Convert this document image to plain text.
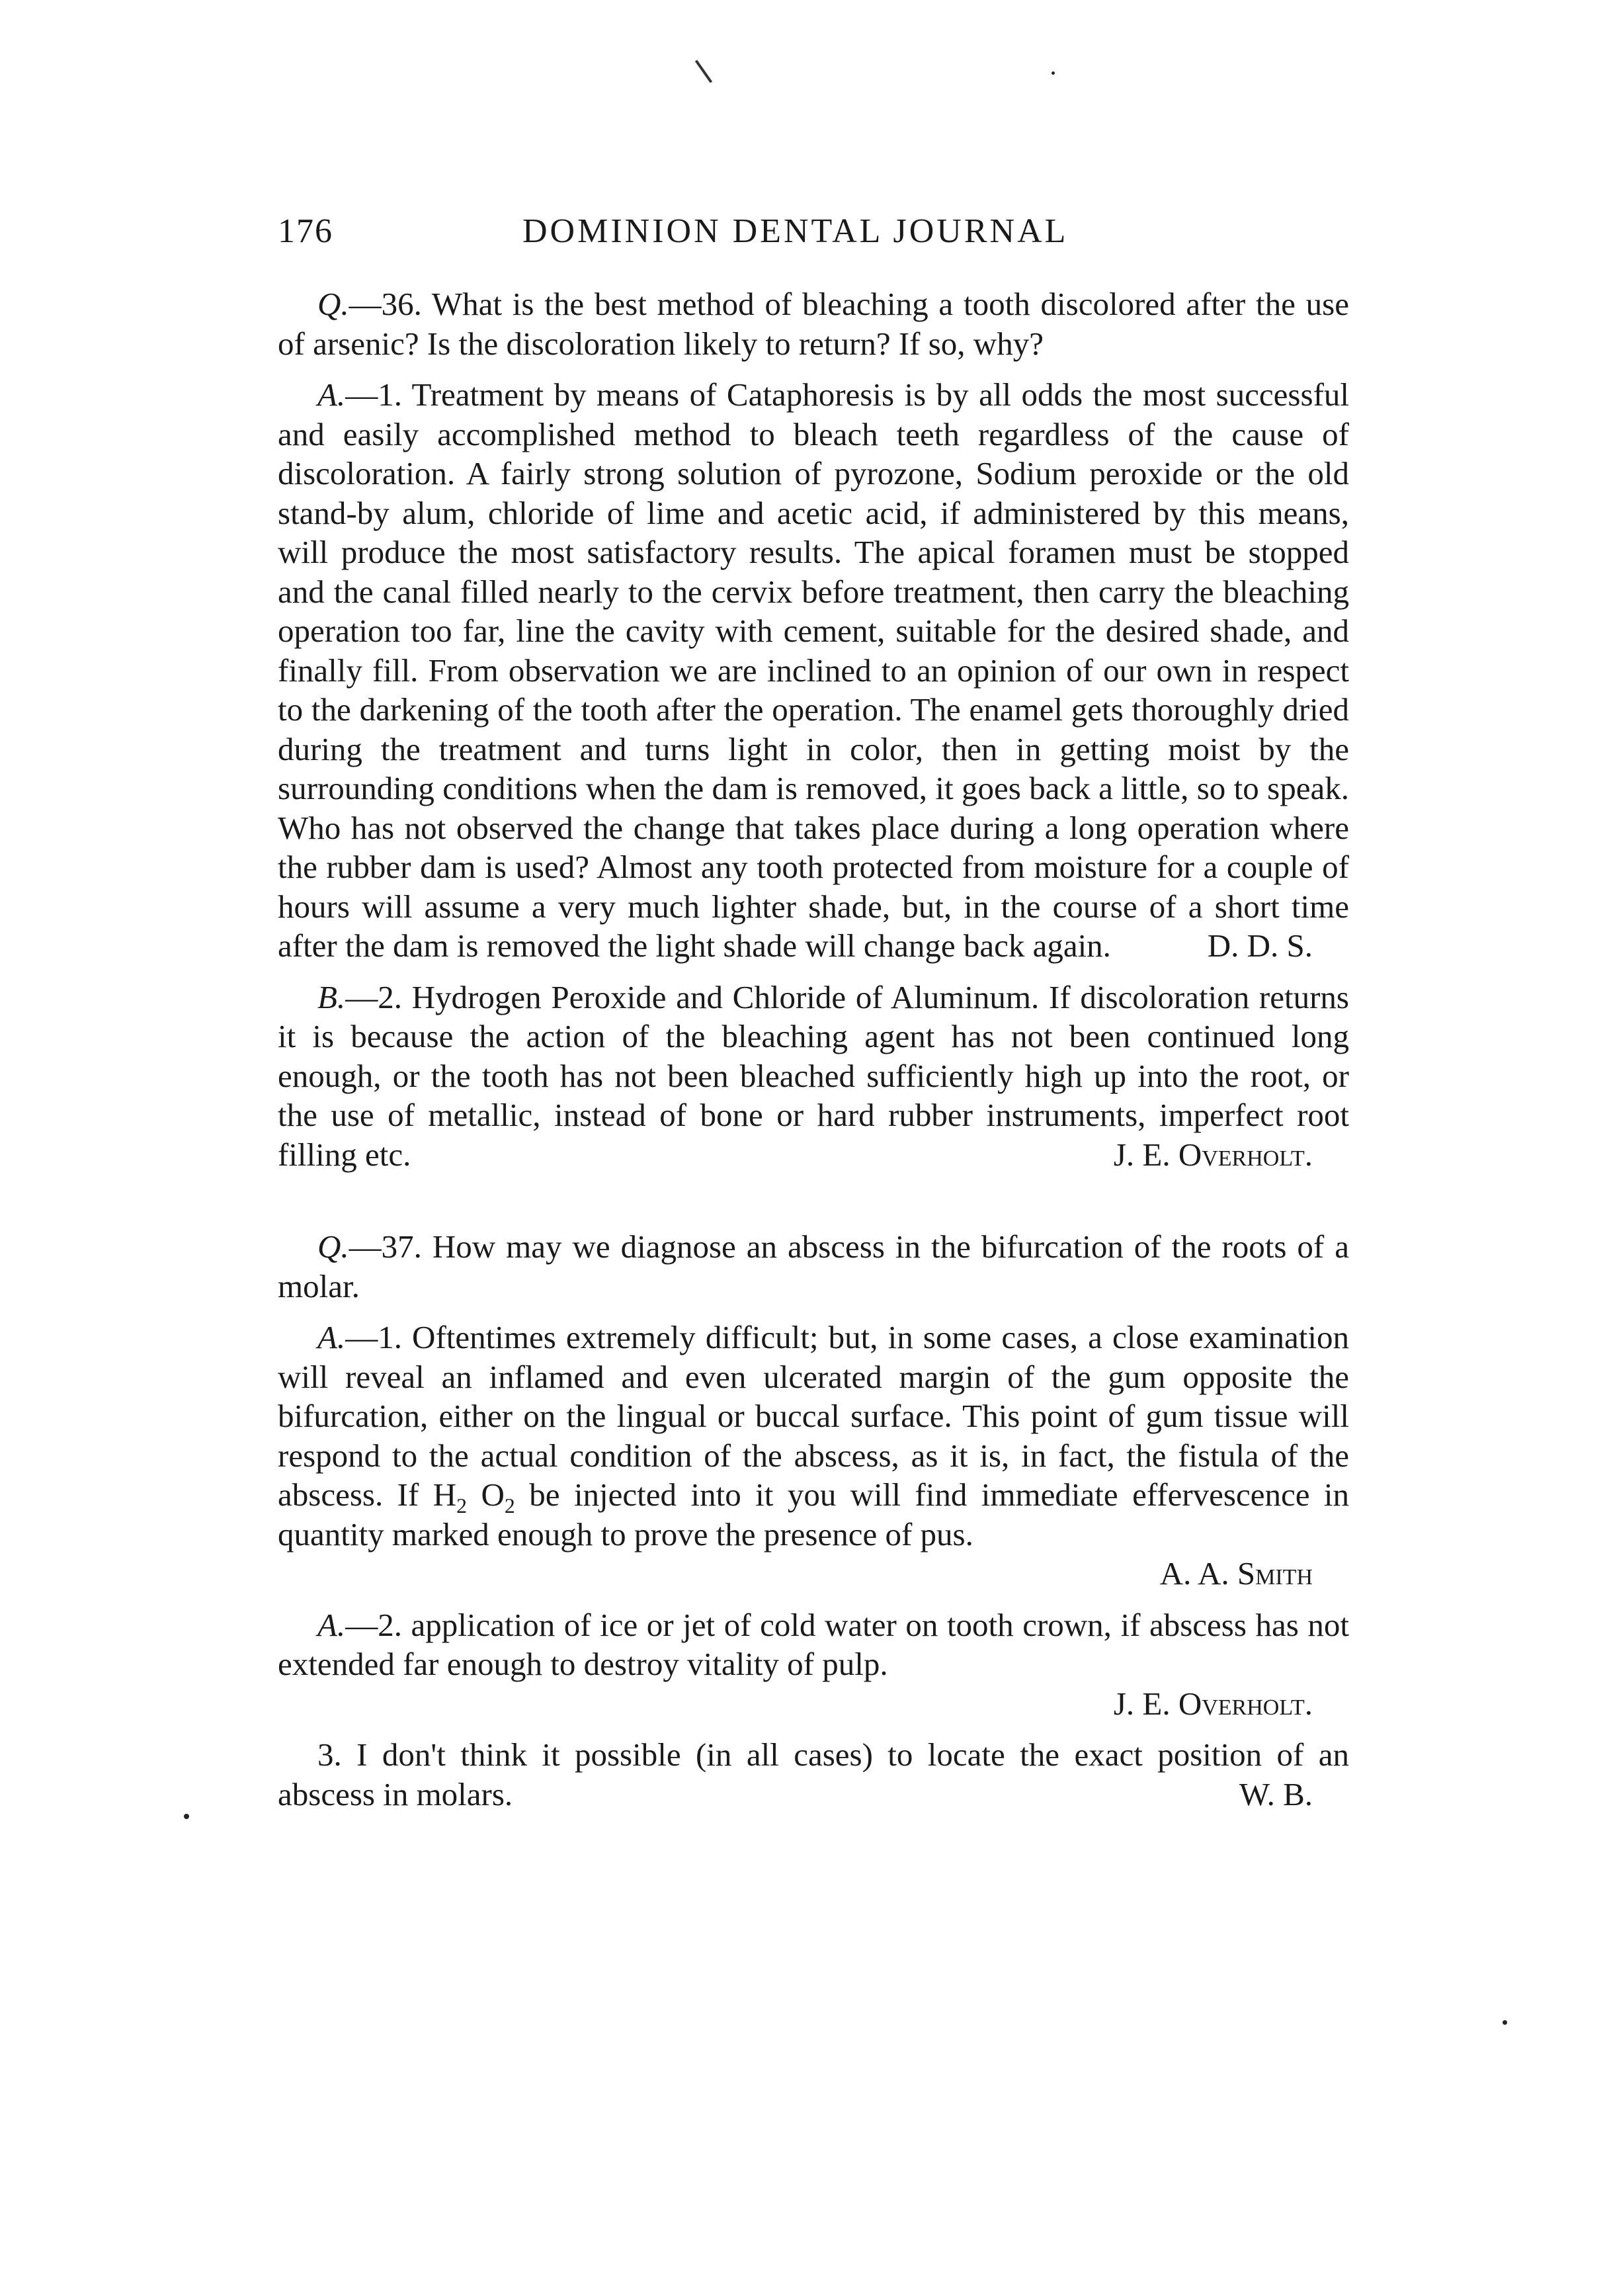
176	DOMINION DENTAL JOURNAL

Q.—36. What is the best method of bleaching a tooth discolored after the use of arsenic? Is the discoloration likely to return? If so, why?

A.—1. Treatment by means of Cataphoresis is by all odds the most successful and easily accomplished method to bleach teeth regardless of the cause of discoloration. A fairly strong solution of pyrozone, Sodium peroxide or the old stand-by alum, chloride of lime and acetic acid, if administered by this means, will produce the most satisfactory results. The apical foramen must be stopped and the canal filled nearly to the cervix before treatment, then carry the bleaching operation too far, line the cavity with cement, suitable for the desired shade, and finally fill. From observation we are inclined to an opinion of our own in respect to the darkening of the tooth after the operation. The enamel gets thoroughly dried during the treatment and turns light in color, then in getting moist by the surrounding conditions when the dam is removed, it goes back a little, so to speak. Who has not observed the change that takes place during a long operation where the rubber dam is used? Almost any tooth protected from moisture for a couple of hours will assume a very much lighter shade, but, in the course of a short time after the dam is removed the light shade will change back again.	D. D. S.

B.—2. Hydrogen Peroxide and Chloride of Aluminum. If discoloration returns it is because the action of the bleaching agent has not been continued long enough, or the tooth has not been bleached sufficiently high up into the root, or the use of metallic, instead of bone or hard rubber instruments, imperfect root filling etc.	J. E. Overholt.

Q.—37. How may we diagnose an abscess in the bifurcation of the roots of a molar.

A.—1. Oftentimes extremely difficult; but, in some cases, a close examination will reveal an inflamed and even ulcerated margin of the gum opposite the bifurcation, either on the lingual or buccal surface. This point of gum tissue will respond to the actual condition of the abscess, as it is, in fact, the fistula of the abscess. If $H_2$ $O_2$ be injected into it you will find immediate effervescence in quantity marked enough to prove the presence of pus.
A. A. Smith

A.—2. application of ice or jet of cold water on tooth crown, if abscess has not extended far enough to destroy vitality of pulp.
J. E. Overholt.

3. I don't think it possible (in all cases) to locate the exact position of an abscess in molars.	W. B.
